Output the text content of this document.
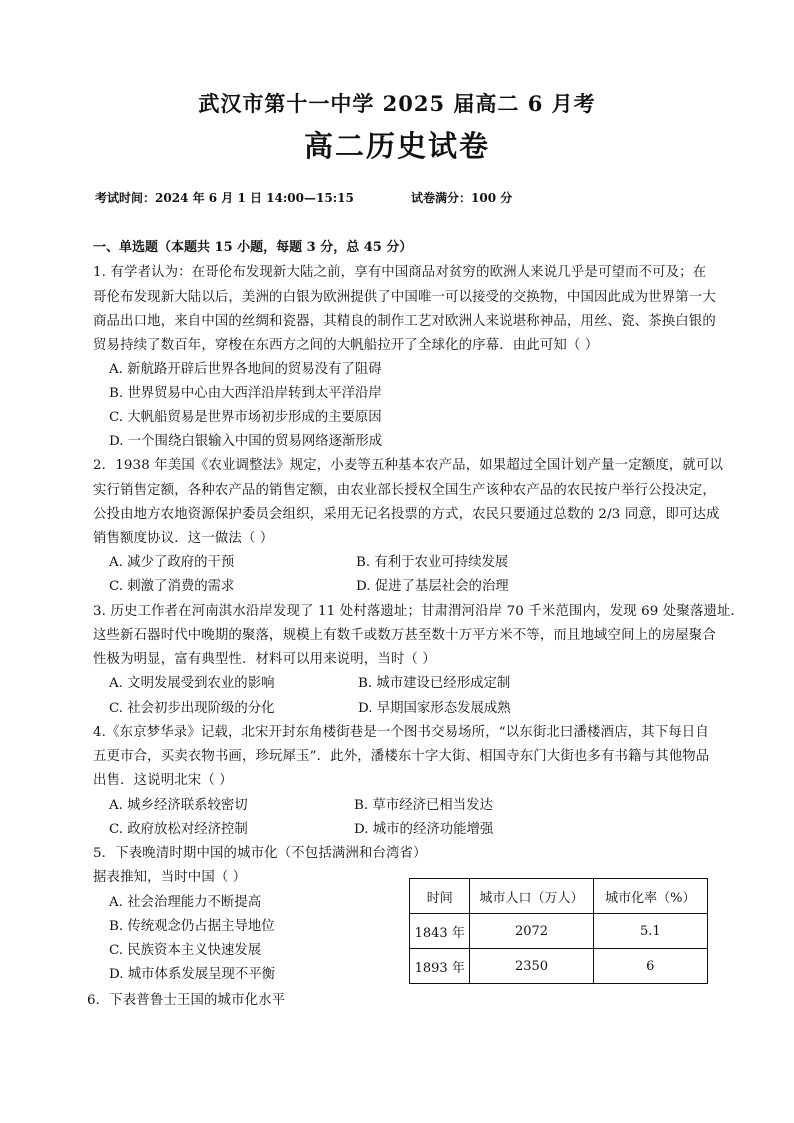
武汉市第十一中学 2025 届高二 6 月考
高二历史试卷
考试时间：2024 年 6 月 1 日 14:00—15:15	试卷满分：100 分
一、单选题（本题共 15 小题，每题 3 分，总 45 分）
1. 有学者认为：在哥伦布发现新大陆之前，享有中国商品对贫穷的欧洲人来说几乎是可望而不可及；在
哥伦布发现新大陆以后，美洲的白银为欧洲提供了中国唯一可以接受的交换物，中国因此成为世界第一大
商品出口地，来自中国的丝绸和瓷器，其精良的制作工艺对欧洲人来说堪称神品，用丝、瓷、茶换白银的
贸易持续了数百年，穿梭在东西方之间的大帆船拉开了全球化的序幕．由此可知（ ）
A. 新航路开辟后世界各地间的贸易没有了阻碍
B. 世界贸易中心由大西洋沿岸转到太平洋沿岸
C. 大帆船贸易是世界市场初步形成的主要原因
D. 一个围绕白银输入中国的贸易网络逐渐形成
2．1938 年美国《农业调整法》规定，小麦等五种基本农产品，如果超过全国计划产量一定额度，就可以
实行销售定额，各种农产品的销售定额，由农业部长授权全国生产该种农产品的农民按户举行公投决定，
公投由地方农地资源保护委员会组织，采用无记名投票的方式，农民只要通过总数的 2/3 同意，即可达成
销售额度协议．这一做法（ ）
A. 减少了政府的干预	B. 有利于农业可持续发展
C. 刺激了消费的需求	D. 促进了基层社会的治理
3. 历史工作者在河南淇水沿岸发现了 11 处村落遗址；甘肃渭河沿岸 70 千米范围内，发现 69 处聚落遗址．
这些新石器时代中晚期的聚落，规模上有数千或数万甚至数十万平方米不等，而且地域空间上的房屋聚合
性极为明显，富有典型性．材料可以用来说明，当时（ ）
A. 文明发展受到农业的影响	B. 城市建设已经形成定制
C. 社会初步出现阶级的分化	D. 早期国家形态发展成熟
4.《东京梦华录》记载，北宋开封东角楼街巷是一个图书交易场所，“以东街北曰潘楼酒店，其下每日自
五更市合，买卖衣物书画，珍玩犀玉”．此外，潘楼东十字大街、相国寺东门大街也多有书籍与其他物品
出售．这说明北宋（ ）
A. 城乡经济联系较密切	B. 草市经济已相当发达
C. 政府放松对经济控制	D. 城市的经济功能增强
5．下表晚清时期中国的城市化（不包括满洲和台湾省）
据表推知，当时中国（ ）
A. 社会治理能力不断提高
B. 传统观念仍占据主导地位
C. 民族资本主义快速发展
D. 城市体系发展呈现不平衡
时间	城市人口（万人）	城市化率（%）
1843 年	2072	5.1
1893 年	2350	6
6．下表普鲁士王国的城市化水平
